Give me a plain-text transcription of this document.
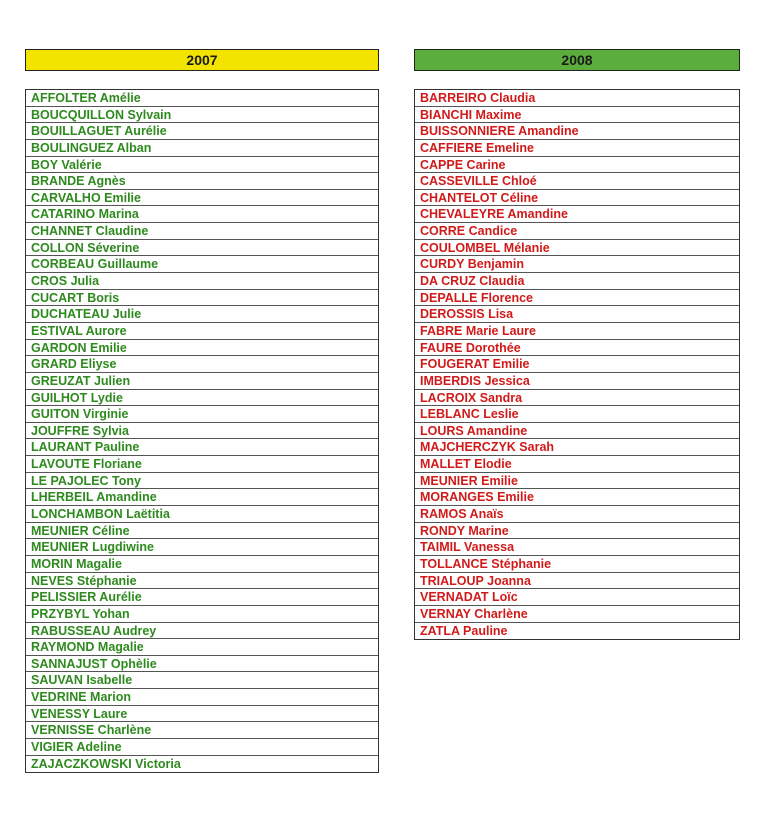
2007
AFFOLTER Amélie
BOUCQUILLON Sylvain
BOUILLAGUET Aurélie
BOULINGUEZ Alban
BOY Valérie
BRANDE Agnès
CARVALHO Emilie
CATARINO Marina
CHANNET Claudine
COLLON Séverine
CORBEAU Guillaume
CROS Julia
CUCART Boris
DUCHATEAU Julie
ESTIVAL Aurore
GARDON Emilie
GRARD Eliyse
GREUZAT Julien
GUILHOT Lydie
GUITON Virginie
JOUFFRE Sylvia
LAURANT Pauline
LAVOUTE Floriane
LE PAJOLEC Tony
LHERBEIL Amandine
LONCHAMBON Laëtitia
MEUNIER Céline
MEUNIER Lugdiwine
MORIN Magalie
NEVES Stéphanie
PELISSIER Aurélie
PRZYBYL Yohan
RABUSSEAU Audrey
RAYMOND Magalie
SANNAJUST Ophèlie
SAUVAN Isabelle
VEDRINE Marion
VENESSY Laure
VERNISSE Charlène
VIGIER Adeline
ZAJACZKOWSKI Victoria
2008
BARREIRO Claudia
BIANCHI Maxime
BUISSONNIERE Amandine
CAFFIERE Emeline
CAPPE Carine
CASSEVILLE Chloé
CHANTELOT Céline
CHEVALEYRE Amandine
CORRE Candice
COULOMBEL Mélanie
CURDY Benjamin
DA CRUZ Claudia
DEPALLE Florence
DEROSSIS Lisa
FABRE Marie Laure
FAURE Dorothée
FOUGERAT Emilie
IMBERDIS Jessica
LACROIX Sandra
LEBLANC Leslie
LOURS Amandine
MAJCHERCZYK Sarah
MALLET Elodie
MEUNIER Emilie
MORANGES Emilie
RAMOS Anaïs
RONDY Marine
TAIMIL Vanessa
TOLLANCE Stéphanie
TRIALOUP Joanna
VERNADAT Loïc
VERNAY Charlène
ZATLA Pauline
